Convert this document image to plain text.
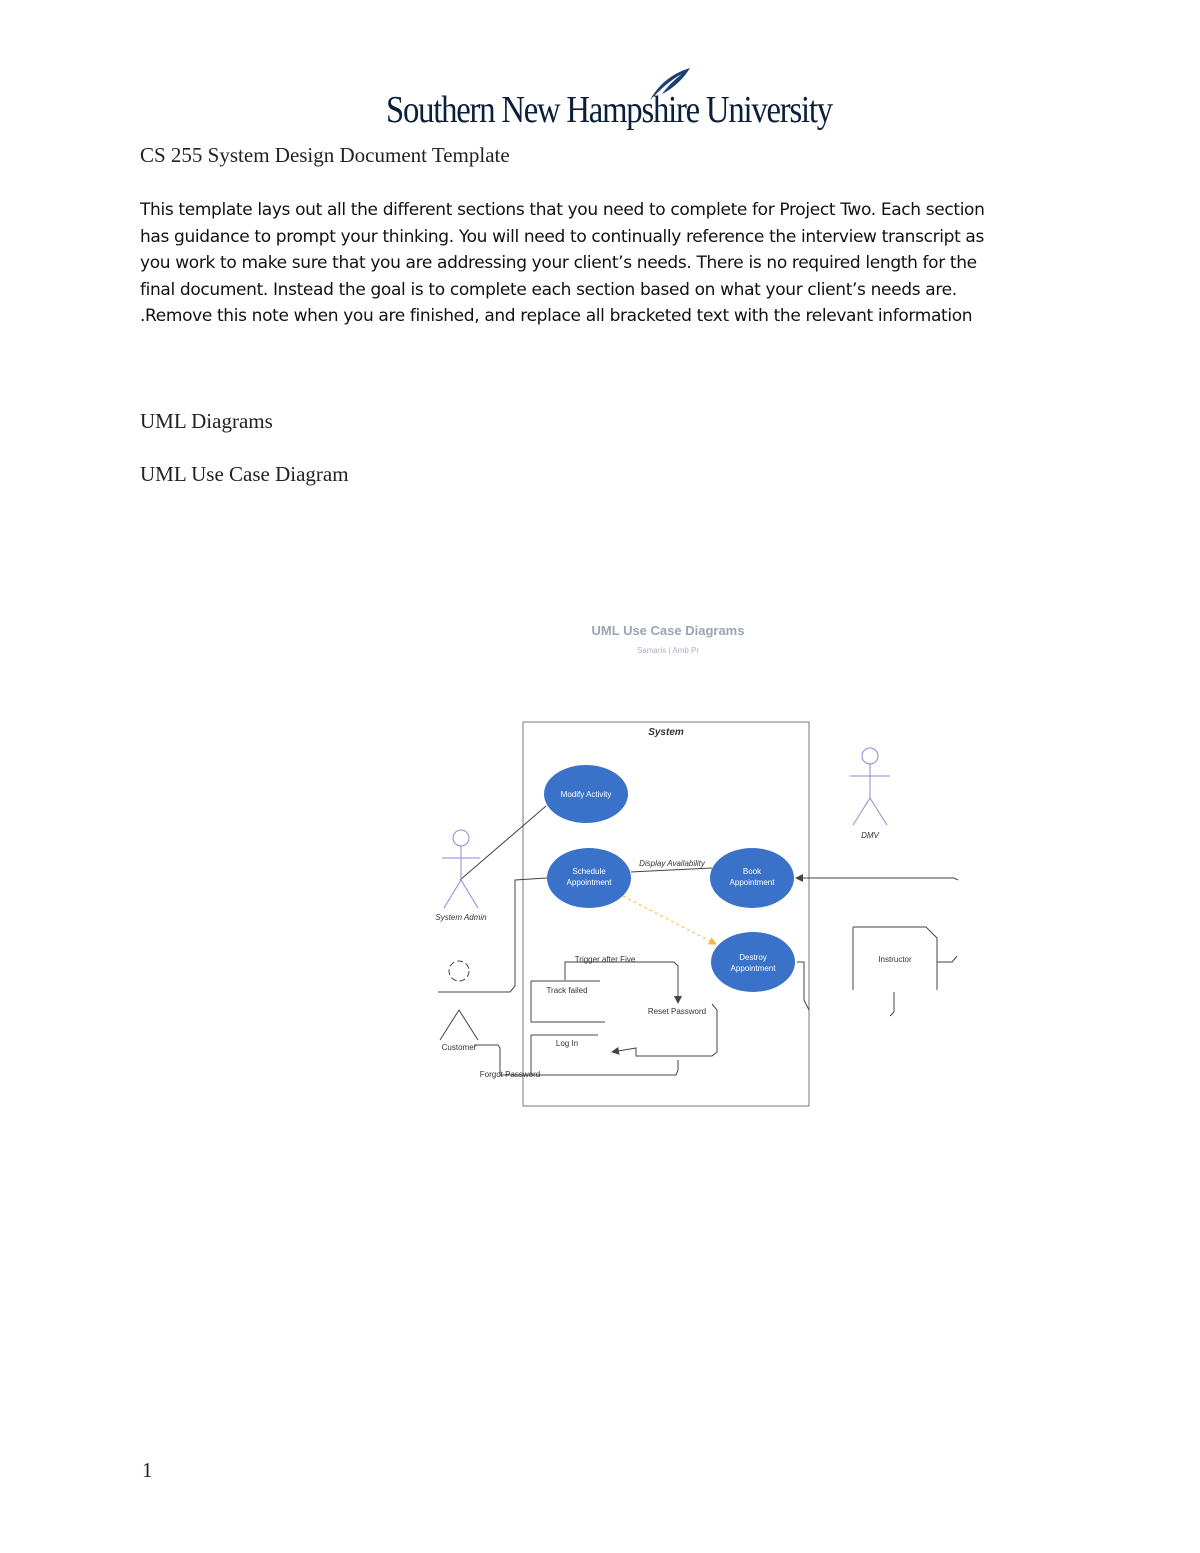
Southern New Hampshire University
CS 255 System Design Document Template

This template lays out all the different sections that you need to complete for Project Two. Each section

has guidance to prompt your thinking. You will need to continually reference the interview transcript as

you work to make sure that you are addressing your client’s needs. There is no required length for the

final document. Instead the goal is to complete each section based on what your client’s needs are.

.Remove this note when you are finished, and replace all bracketed text with the relevant information

UML Diagrams
UML Use Case Diagram
UML Use Case Diagrams
Samaris | Amb Pr
System
Modify Activity
Schedule
Appointment
Book
Appointment
Destroy
Appointment
Display Availability
Trigger after Five
Track failed
Reset Password
Log In
Forgot Password
System Admin
DMV
Customer
Instructor
1
